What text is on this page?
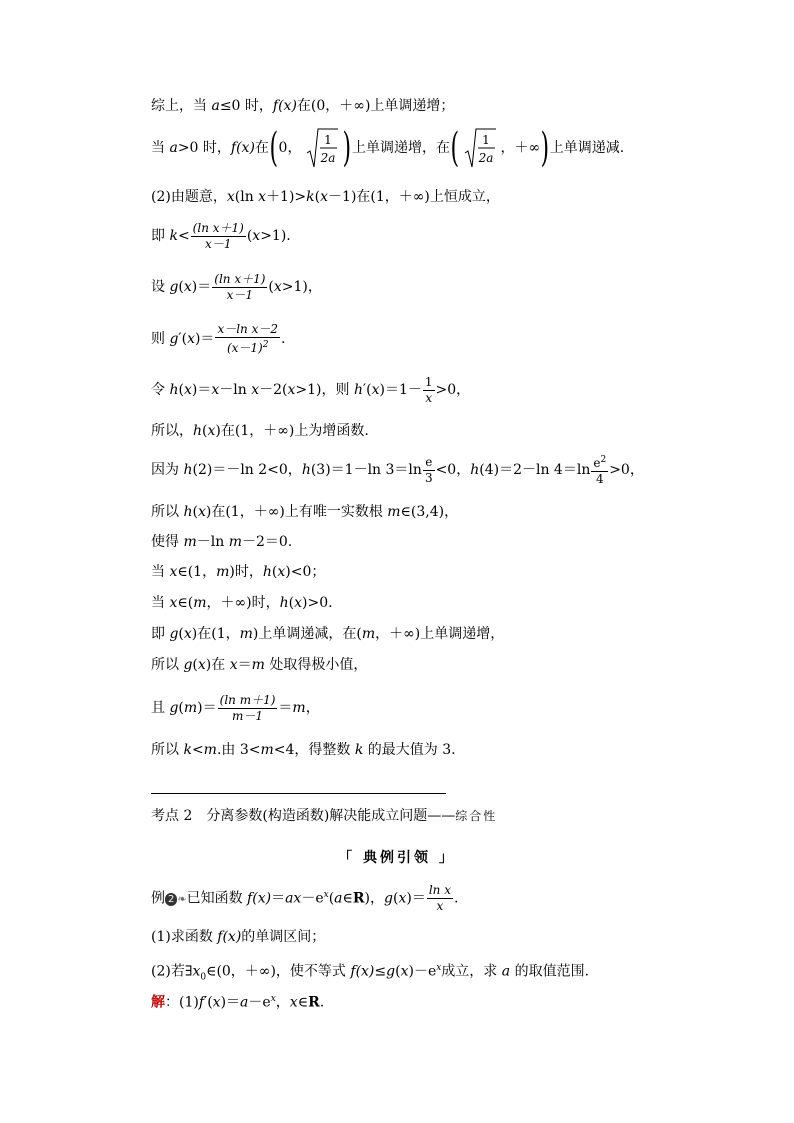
综上，当 a≤0 时，f(x)在(0，＋∞)上单调递增；
当 a>0 时，f(x)在(0， 1
2a )上单调递增，在( 1
2a
，＋∞)上单调递减.
(2)由题意，x(ln x＋1)>k(x－1)在(1，＋∞)上恒成立，
即 $k< \frac{\text{(ln x＋1)}}{x-1} (x>1)$.
设 $g(x)= \frac{\text{(ln x＋1)}}{x-1} (x>1)$，
则 $g'(x)= \frac{\text{x－ln x－2}}{(x-1)^2}$ .
令 h(x)＝x－ln x－2(x>1)，则 $h'(x)=1- \frac{1}{x} >0$，
所以，h(x)在(1，＋∞)上为增函数.
因为 h(2)＝－ln 2<0，h(3)＝1－ln $3=\ln \frac{e}{3} <0$，h(4)＝2－ln $4=\ln \frac{e^2}{4} >0$，
所以 h(x)在(1，＋∞)上有唯一实数根 m∈(3,4)，
使得 m－ln m－2＝0.
当 x∈(1，m)时，h(x)<0；
当 x∈(m，＋∞)时，h(x)>0.
即 g(x)在(1，m)上单调递减，在(m，＋∞)上单调递增，
所以 g(x)在 x＝m 处取得极小值，
且 $g(m)= \frac{\text{(ln m＋1)}}{m-1} =m$，
所以 k<m.由 3<m<4，得整数 k 的最大值为 3.
考点 2　分离参数(构造函数)解决能成立问题——综合性
「 典例引领 」
例 2 ❧已知函数 $f(x)=ax-e^x(a\in R)$，$g(x)= \frac{\text{ln x}}{x}$ .
(1)求函数 f(x)的单调区间；
(2)若$\exists x_0\in(0$，＋∞)，使不等式 $f(x)\le g(x)-e^x$成立，求 a 的取值范围.
解：$(1)f'(x)=a-e^x$，x∈R.
